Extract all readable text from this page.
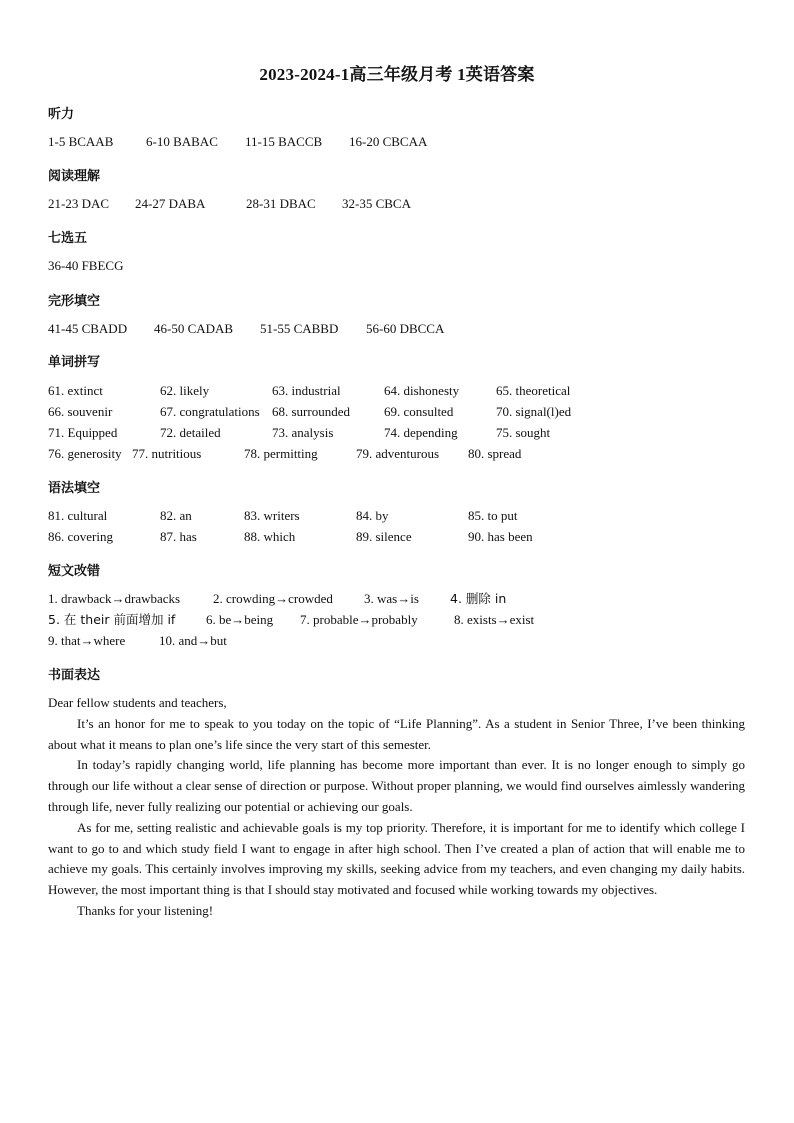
2023-2024-1高三年级月考 1英语答案
听力
1-5 BCAAB	6-10 BABAC 11-15 BACCB 16-20 CBCAA
阅读理解
21-23 DAC 24-27 DABA	28-31 DBAC 32-35 CBCA
七选五
36-40 FBECG
完形填空
41-45 CBADD 46-50 CADAB 51-55 CABBD 56-60 DBCCA
单词拼写
61. extinct	62. likely	63. industrial	64. dishonesty	65. theoretical
66. souvenir	67. congratulations 68. surrounded	69. consulted	70. signal(l)ed
71. Equipped	72. detailed	73. analysis	74. depending	75. sought
76. generosity 77. nutritious	78. permitting	79. adventurous 80. spread
语法填空
81. cultural	82. an	83. writers	84. by	85. to put
86. covering	87. has	88. which	89. silence	90. has been
短文改错
1. drawback→drawbacks	2. crowding→crowded 3. was→is 4. 删除 in
5. 在 their 前面增加 if 6. be→being 7. probable→probably	8. exists→exist
9. that→where	10. and→but
书面表达

Dear fellow students and teachers,

It’s an honor for me to speak to you today on the topic of “Life Planning”. As a student in Senior Three, I’ve been thinking about what it means to plan one’s life since the very start of this semester.

In today’s rapidly changing world, life planning has become more important than ever. It is no longer enough to simply go through our life without a clear sense of direction or purpose. Without proper planning, we would find ourselves aimlessly wandering through life, never fully realizing our potential or achieving our goals.

As for me, setting realistic and achievable goals is my top priority. Therefore, it is important for me to identify which college I want to go to and which study field I want to engage in after high school. Then I’ve created a plan of action that will enable me to achieve my goals. This certainly involves improving my skills, seeking advice from my teachers, and even changing my daily habits. However, the most important thing is that I should stay motivated and focused while working towards my objectives.

Thanks for your listening!
